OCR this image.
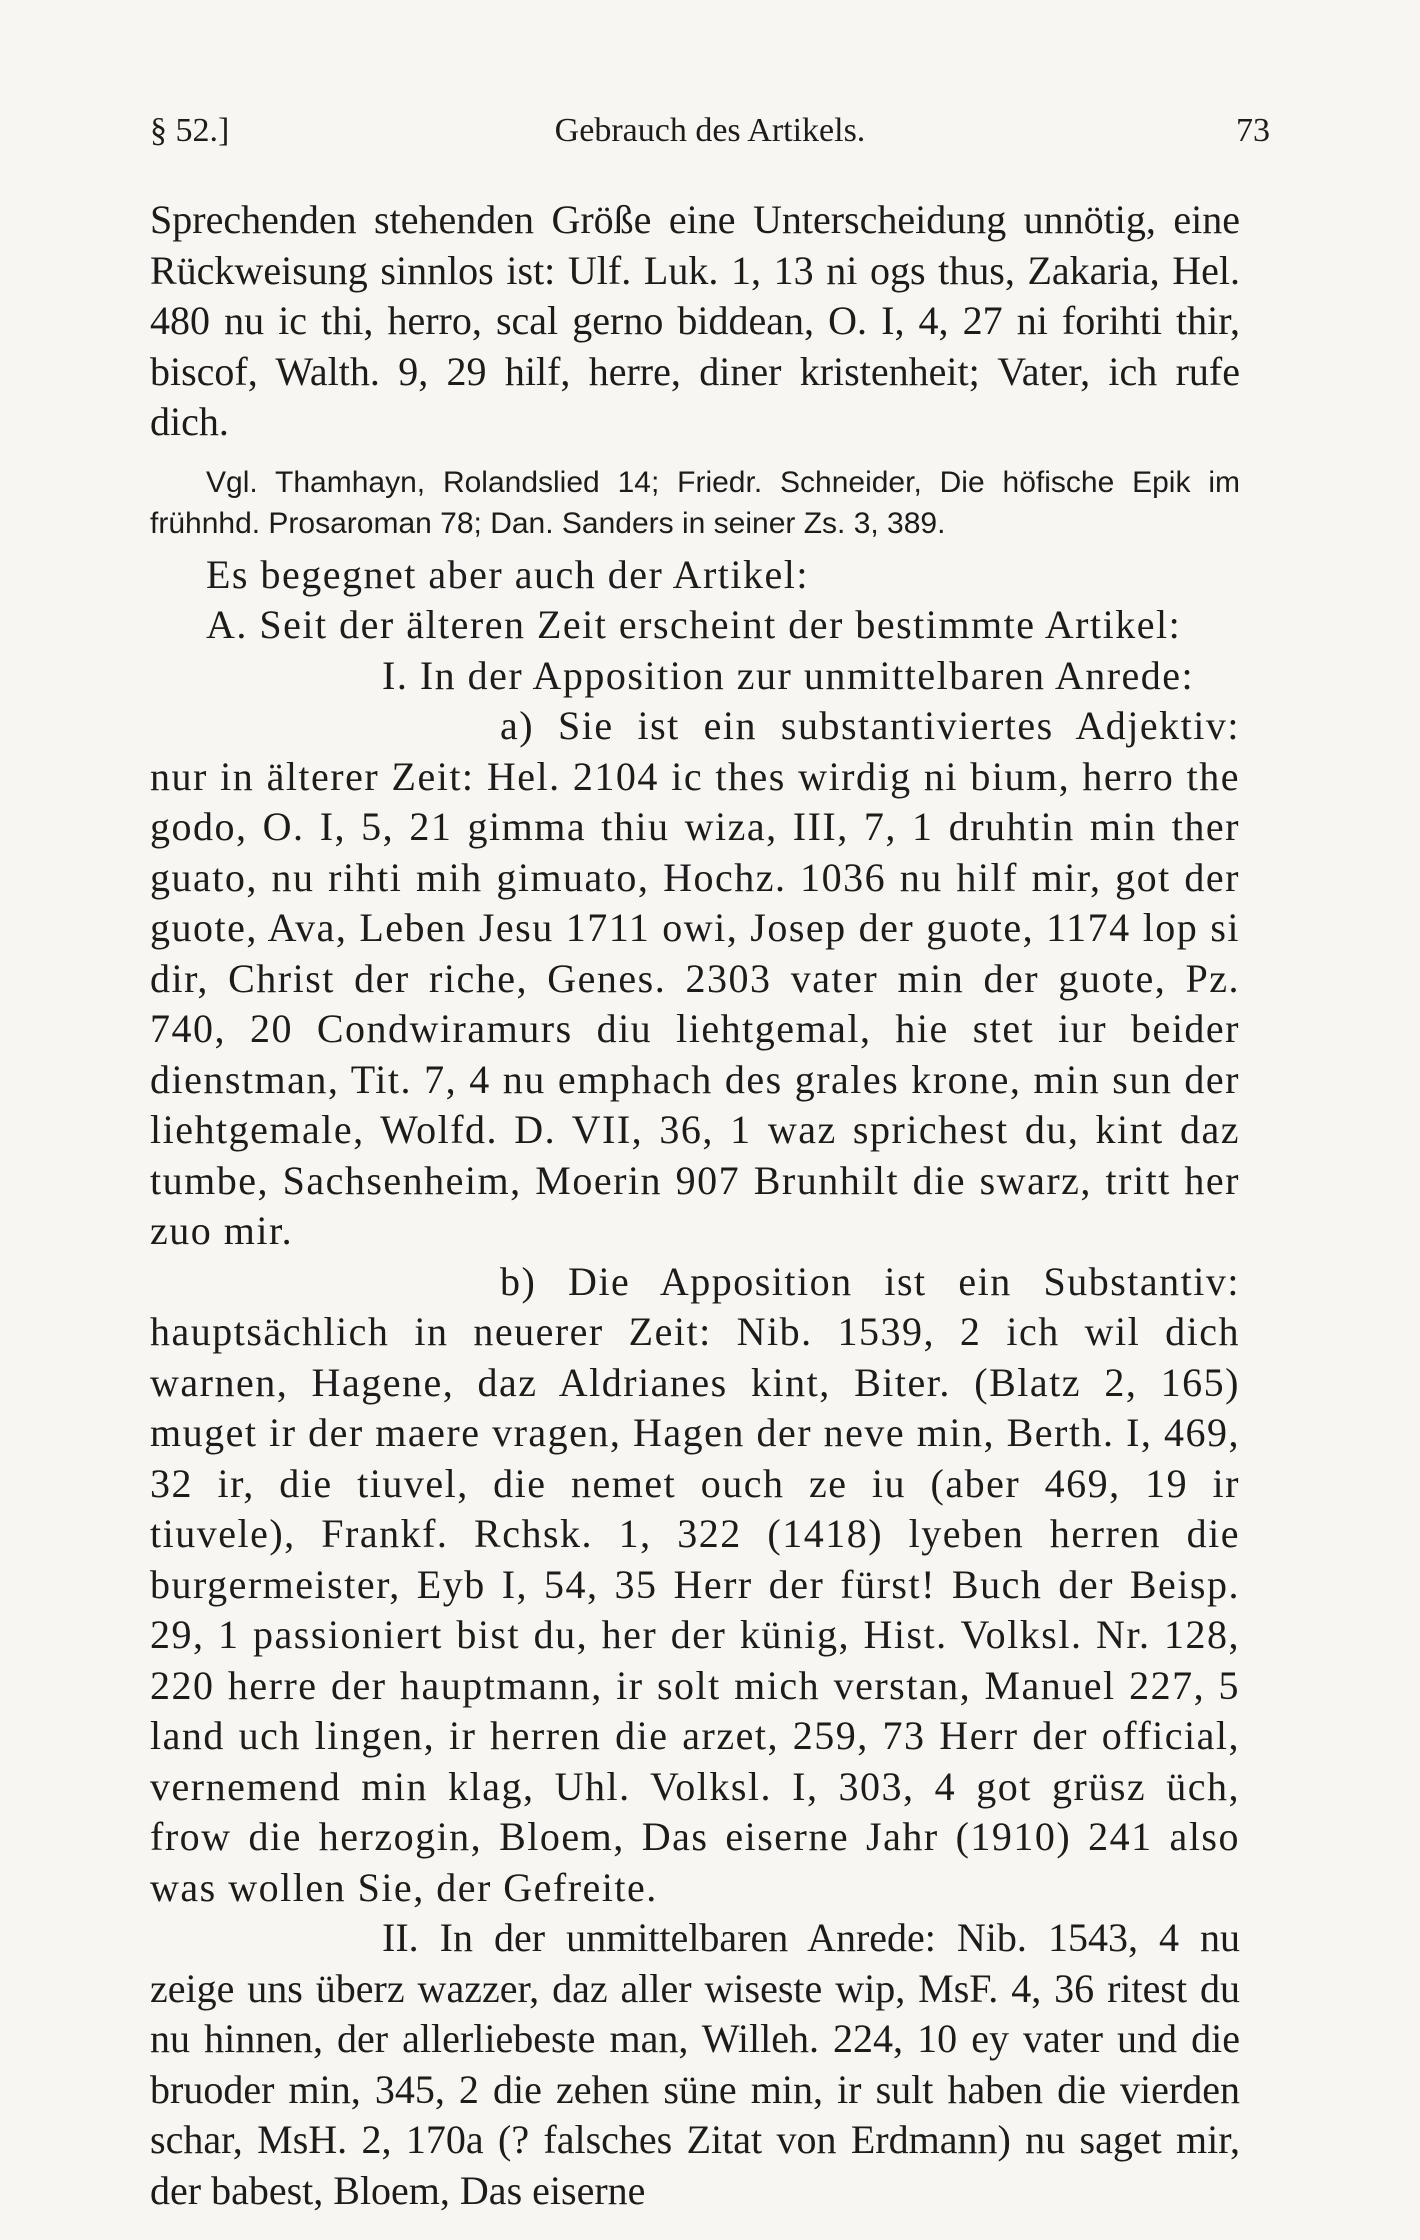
§ 52.]	Gebrauch des Artikels.	73

Sprechenden stehenden Größe eine Unterscheidung unnötig, eine Rückweisung sinnlos ist: Ulf. Luk. 1, 13 ni ogs thus, Zakaria, Hel. 480 nu ic thi, herro, scal gerno biddean, O. I, 4, 27 ni forihti thir, biscof, Walth. 9, 29 hilf, herre, diner kristenheit; Vater, ich rufe dich.

Vgl. Thamhayn, Rolandslied 14; Friedr. Schneider, Die höfische Epik im frühnhd. Prosaroman 78; Dan. Sanders in seiner Zs. 3, 389.

Es begegnet aber auch der Artikel:

A. Seit der älteren Zeit erscheint der bestimmte Artikel:

I. In der Apposition zur unmittelbaren Anrede:

a) Sie ist ein substantiviertes Adjektiv: nur in älterer Zeit: Hel. 2104 ic thes wirdig ni bium, herro the godo, O. I, 5, 21 gimma thiu wiza, III, 7, 1 druhtin min ther guato, nu rihti mih gimuato, Hochz. 1036 nu hilf mir, got der guote, Ava, Leben Jesu 1711 owi, Josep der guote, 1174 lop si dir, Christ der riche, Genes. 2303 vater min der guote, Pz. 740, 20 Condwiramurs diu liehtgemal, hie stet iur beider dienstman, Tit. 7, 4 nu emphach des grales krone, min sun der liehtgemale, Wolfd. D. VII, 36, 1 waz sprichest du, kint daz tumbe, Sachsenheim, Moerin 907 Brunhilt die swarz, tritt her zuo mir.

b) Die Apposition ist ein Substantiv: hauptsächlich in neuerer Zeit: Nib. 1539, 2 ich wil dich warnen, Hagene, daz Aldrianes kint, Biter. (Blatz 2, 165) muget ir der maere vragen, Hagen der neve min, Berth. I, 469, 32 ir, die tiuvel, die nemet ouch ze iu (aber 469, 19 ir tiuvele), Frankf. Rchsk. 1, 322 (1418) lyeben herren die burgermeister, Eyb I, 54, 35 Herr der fürst! Buch der Beisp. 29, 1 passioniert bist du, her der künig, Hist. Volksl. Nr. 128, 220 herre der hauptmann, ir solt mich verstan, Manuel 227, 5 land uch lingen, ir herren die arzet, 259, 73 Herr der official, vernemend min klag, Uhl. Volksl. I, 303, 4 got grüsz üch, frow die herzogin, Bloem, Das eiserne Jahr (1910) 241 also was wollen Sie, der Gefreite.

II. In der unmittelbaren Anrede: Nib. 1543, 4 nu zeige uns überz wazzer, daz aller wiseste wip, MsF. 4, 36 ritest du nu hinnen, der allerliebeste man, Willeh. 224, 10 ey vater und die bruoder min, 345, 2 die zehen süne min, ir sult haben die vierden schar, MsH. 2, 170a (? falsches Zitat von Erdmann) nu saget mir, der babest, Bloem, Das eiserne
